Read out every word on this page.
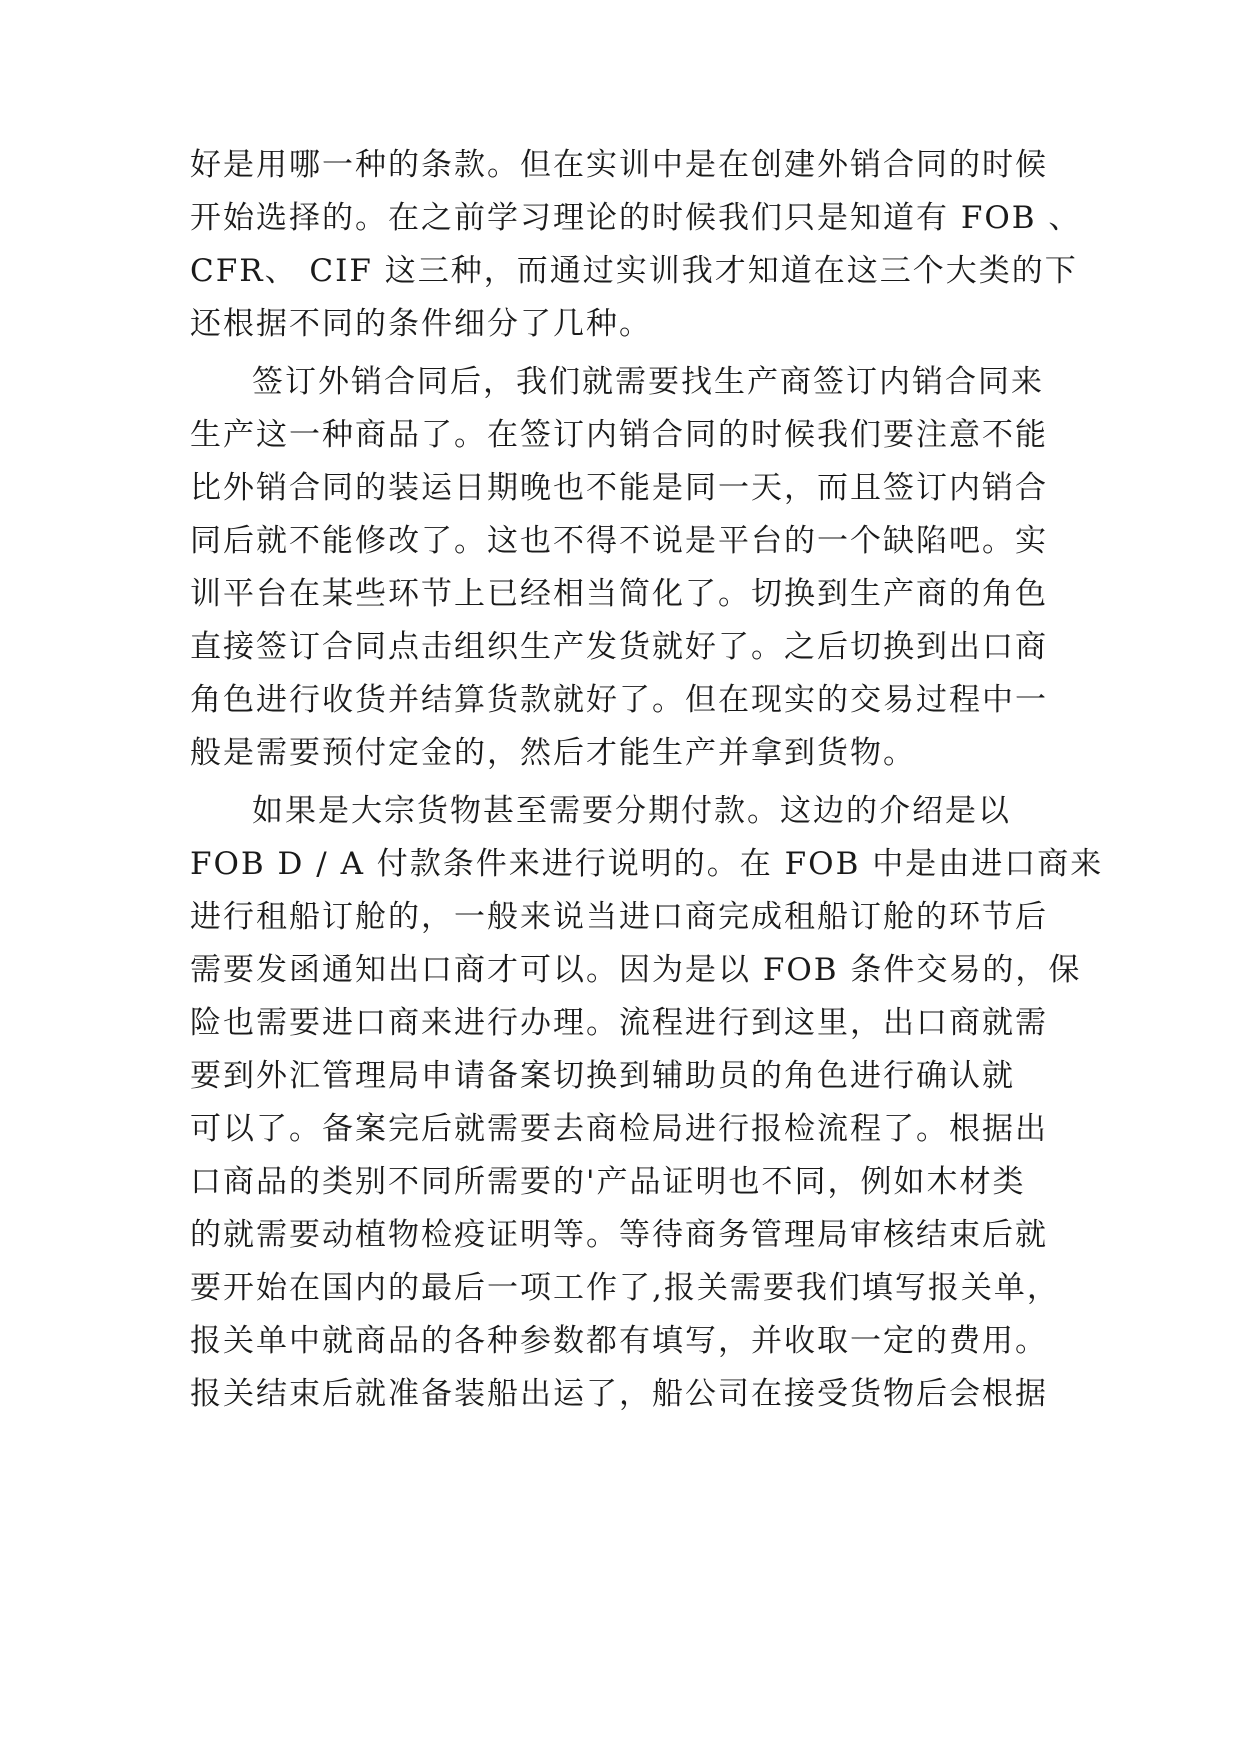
好是用哪一种的条款。但在实训中是在创建外销合同的时候
开始选择的。在之前学习理论的时候我们只是知道有 FOB 、
CFR、 CIF 这三种，而通过实训我才知道在这三个大类的下
还根据不同的条件细分了几种。
签订外销合同后，我们就需要找生产商签订内销合同来
生产这一种商品了。在签订内销合同的时候我们要注意不能
比外销合同的装运日期晚也不能是同一天，而且签订内销合
同后就不能修改了。这也不得不说是平台的一个缺陷吧。实
训平台在某些环节上已经相当简化了。切换到生产商的角色
直接签订合同点击组织生产发货就好了。之后切换到出口商
角色进行收货并结算货款就好了。但在现实的交易过程中一
般是需要预付定金的，然后才能生产并拿到货物。
如果是大宗货物甚至需要分期付款。这边的介绍是以
FOB D / A 付款条件来进行说明的。在 FOB 中是由进口商来
进行租船订舱的，一般来说当进口商完成租船订舱的环节后
需要发函通知出口商才可以。因为是以 FOB 条件交易的，保
险也需要进口商来进行办理。流程进行到这里，出口商就需
要到外汇管理局申请备案切换到辅助员的角色进行确认就
可以了。备案完后就需要去商检局进行报检流程了。根据出
口商品的类别不同所需要的'产品证明也不同，例如木材类
的就需要动植物检疫证明等。等待商务管理局审核结束后就
要开始在国内的最后一项工作了,报关需要我们填写报关单，
报关单中就商品的各种参数都有填写，并收取一定的费用。
报关结束后就准备装船出运了，船公司在接受货物后会根据
